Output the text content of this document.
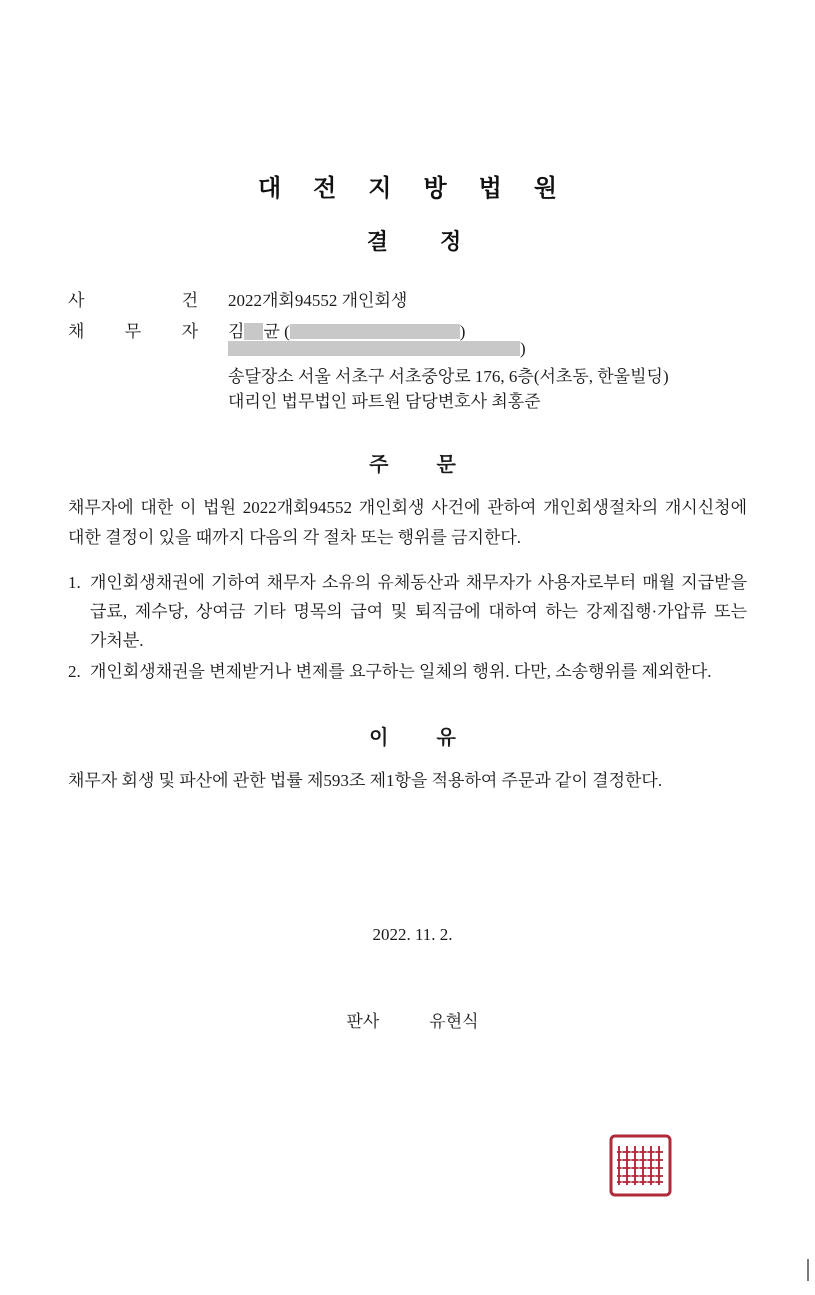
대 전 지 방 법 원
결 정
사	건 2022개회94552 개인회생
채 무 자 김 균 (	)
)
송달장소 서울 서초구 서초중앙로 176, 6층(서초동, 한울빌딩)
대리인 법무법인 파트원 담당변호사 최홍준
주 문
채무자에 대한 이 법원 2022개회94552 개인회생 사건에 관하여 개인회생절차의 개시신청에 대한 결정이 있을 때까지 다음의 각 절차 또는 행위를 금지한다.
1. 개인회생채권에 기하여 채무자 소유의 유체동산과 채무자가 사용자로부터 매월 지급받을 급료, 제수당, 상여금 기타 명목의 급여 및 퇴직금에 대하여 하는 강제집행·가압류 또는 가처분.
2. 개인회생채권을 변제받거나 변제를 요구하는 일체의 행위. 다만, 소송행위를 제외한다.
이 유
채무자 회생 및 파산에 관한 법률 제593조 제1항을 적용하여 주문과 같이 결정한다.
2022. 11. 2.
판사	유현식
